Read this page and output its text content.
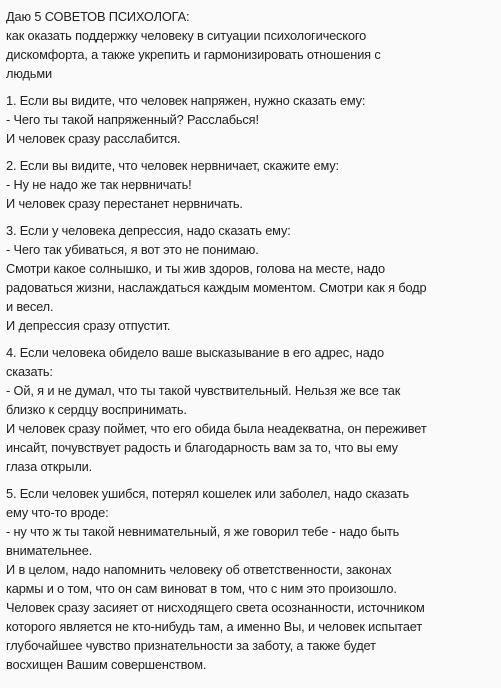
Даю 5 СОВЕТОВ ПСИХОЛОГА:
как оказать поддержку человеку в ситуации психологического
дискомфорта, а также укрепить и гармонизировать отношения с
людьми

1. Если вы видите, что человек напряжен, нужно сказать ему:
- Чего ты такой напряженный? Расслабься!
И человек сразу расслабится.

2. Если вы видите, что человек нервничает, скажите ему:
- Ну не надо же так нервничать!
И человек сразу перестанет нервничать.

3. Если у человека депрессия, надо сказать ему:
- Чего так убиваться, я вот это не понимаю.
Смотри какое солнышко, и ты жив здоров, голова на месте, надо
радоваться жизни, наслаждаться каждым моментом. Смотри как я бодр
и весел.
И депрессия сразу отпустит.

4. Если человека обидело ваше высказывание в его адрес, надо
сказать:
- Ой, я и не думал, что ты такой чувствительный. Нельзя же все так
близко к сердцу воспринимать.
И человек сразу поймет, что его обида была неадекватна, он переживет
инсайт, почувствует радость и благодарность вам за то, что вы ему
глаза открыли.

5. Если человек ушибся, потерял кошелек или заболел, надо сказать
ему что-то вроде:
- ну что ж ты такой невнимательный, я же говорил тебе - надо быть
внимательнее.
И в целом, надо напомнить человеку об ответственности, законах
кармы и о том, что он сам виноват в том, что с ним это произошло.
Человек сразу засияет от нисходящего света осознанности, источником
которого является не кто-нибудь там, а именно Вы, и человек испытает
глубочайшее чувство признательности за заботу, а также будет
восхищен Вашим совершенством.
